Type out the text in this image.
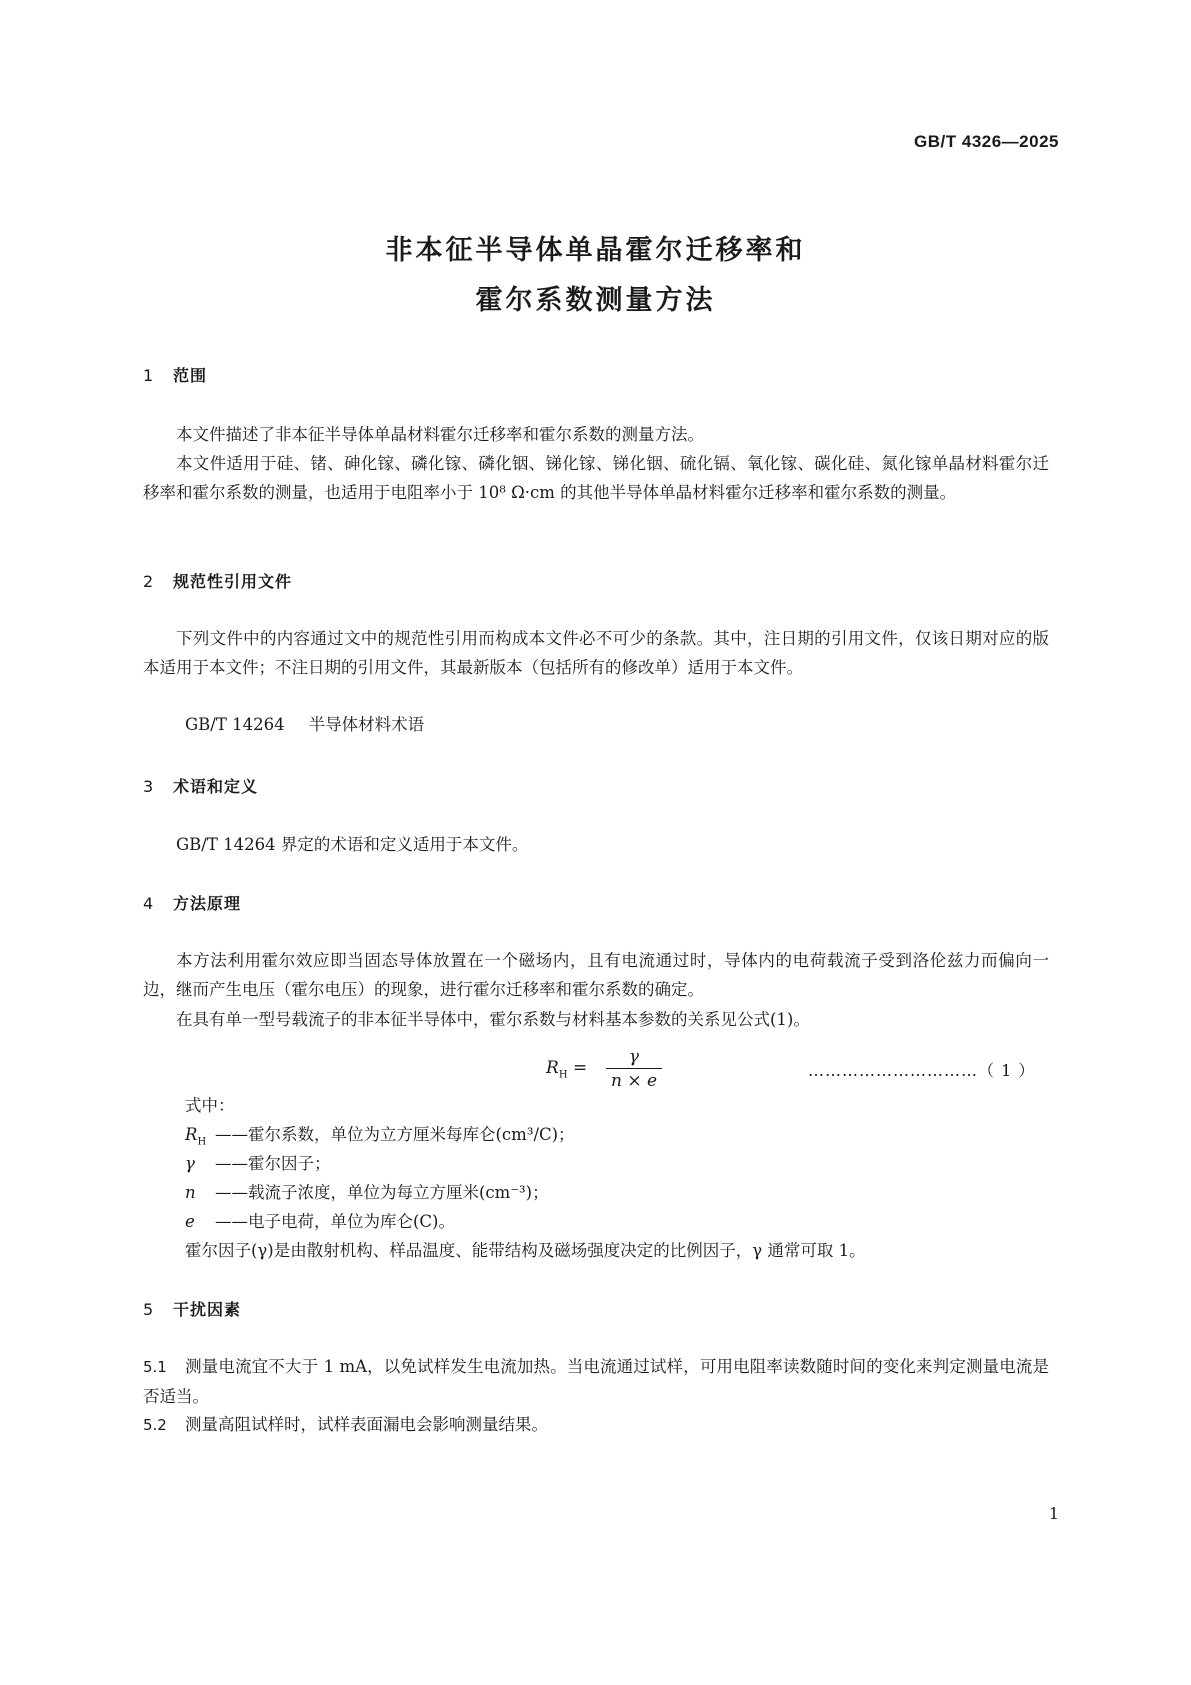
GB/T 4326—2025
非本征半导体单晶霍尔迁移率和
霍尔系数测量方法
1 范围
本文件描述了非本征半导体单晶材料霍尔迁移率和霍尔系数的测量方法。
本文件适用于硅、锗、砷化镓、磷化镓、磷化铟、锑化镓、锑化铟、硫化镉、氧化镓、碳化硅、氮化镓单晶材料霍尔迁移率和霍尔系数的测量，也适用于电阻率小于 10⁸ Ω·cm 的其他半导体单晶材料霍尔迁移率和霍尔系数的测量。
2 规范性引用文件
下列文件中的内容通过文中的规范性引用而构成本文件必不可少的条款。其中，注日期的引用文件，仅该日期对应的版本适用于本文件；不注日期的引用文件，其最新版本（包括所有的修改单）适用于本文件。
GB/T 14264 半导体材料术语
3 术语和定义
GB/T 14264 界定的术语和定义适用于本文件。
4 方法原理
本方法利用霍尔效应即当固态导体放置在一个磁场内，且有电流通过时，导体内的电荷载流子受到洛伦兹力而偏向一边，继而产生电压（霍尔电压）的现象，进行霍尔迁移率和霍尔系数的确定。
在具有单一型号载流子的非本征半导体中，霍尔系数与材料基本参数的关系见公式(1)。
$R_H$ =
γ
n × e
…………………………（ 1 ）
式中：
$R_H$ ——霍尔系数，单位为立方厘米每库仑(cm³/C)；
γ ——霍尔因子；
n ——载流子浓度，单位为每立方厘米(cm⁻³)；
e ——电子电荷，单位为库仑(C)。
霍尔因子(γ)是由散射机构、样品温度、能带结构及磁场强度决定的比例因子，γ 通常可取 1。
5 干扰因素
5.1 测量电流宜不大于 1 mA，以免试样发生电流加热。当电流通过试样，可用电阻率读数随时间的变化来判定测量电流是否适当。
5.2 测量高阻试样时，试样表面漏电会影响测量结果。
1
